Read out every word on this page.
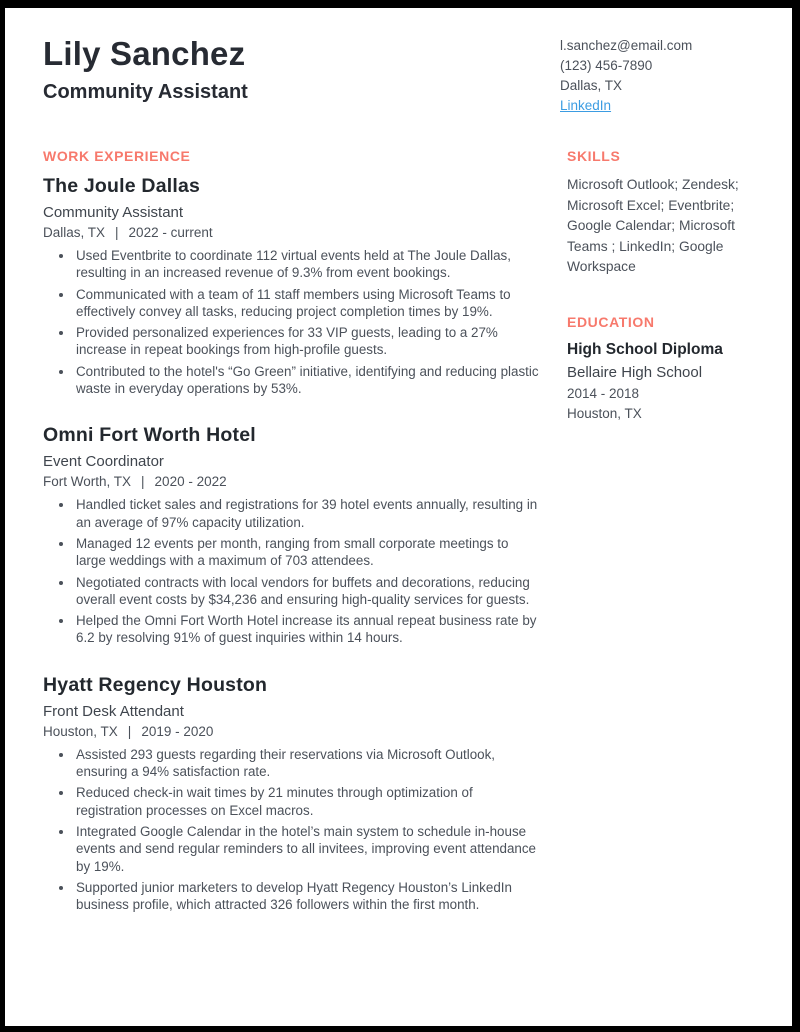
Lily Sanchez
Community Assistant
l.sanchez@email.com
(123) 456-7890
Dallas, TX
LinkedIn
WORK EXPERIENCE
The Joule Dallas
Community Assistant
Dallas, TX | 2022 - current
• Used Eventbrite to coordinate 112 virtual events held at The Joule Dallas, resulting in an increased revenue of 9.3% from event bookings.
• Communicated with a team of 11 staff members using Microsoft Teams to effectively convey all tasks, reducing project completion times by 19%.
• Provided personalized experiences for 33 VIP guests, leading to a 27% increase in repeat bookings from high-profile guests.
• Contributed to the hotel's “Go Green” initiative, identifying and reducing plastic waste in everyday operations by 53%.
Omni Fort Worth Hotel
Event Coordinator
Fort Worth, TX | 2020 - 2022
• Handled ticket sales and registrations for 39 hotel events annually, resulting in an average of 97% capacity utilization.
• Managed 12 events per month, ranging from small corporate meetings to large weddings with a maximum of 703 attendees.
• Negotiated contracts with local vendors for buffets and decorations, reducing overall event costs by $34,236 and ensuring high-quality services for guests.
• Helped the Omni Fort Worth Hotel increase its annual repeat business rate by 6.2 by resolving 91% of guest inquiries within 14 hours.
Hyatt Regency Houston
Front Desk Attendant
Houston, TX | 2019 - 2020
• Assisted 293 guests regarding their reservations via Microsoft Outlook, ensuring a 94% satisfaction rate.
• Reduced check-in wait times by 21 minutes through optimization of registration processes on Excel macros.
• Integrated Google Calendar in the hotel’s main system to schedule in-house events and send regular reminders to all invitees, improving event attendance by 19%.
• Supported junior marketers to develop Hyatt Regency Houston’s LinkedIn business profile, which attracted 326 followers within the first month.
SKILLS
Microsoft Outlook; Zendesk; Microsoft Excel; Eventbrite; Google Calendar; Microsoft Teams ; LinkedIn; Google Workspace
EDUCATION
High School Diploma
Bellaire High School
2014 - 2018
Houston, TX
